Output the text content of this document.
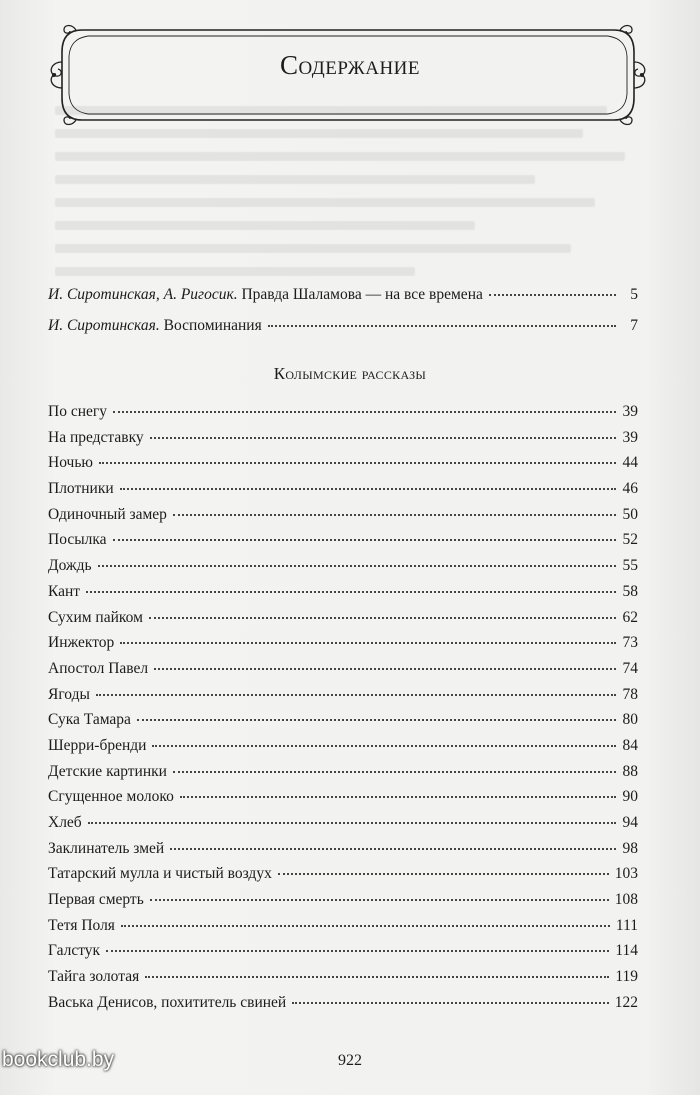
Содержание
И. Сиротинская, А. Ригосик. Правда Шаламова — на все времена	5
И. Сиротинская. Воспоминания	7
Колымские рассказы
По снегу	39
На представку	39
Ночью	44
Плотники	46
Одиночный замер	50
Посылка	52
Дождь	55
Кант	58
Сухим пайком	62
Инжектор	73
Апостол Павел	74
Ягоды	78
Сука Тамара	80
Шерри-бренди	84
Детские картинки	88
Сгущенное молоко	90
Хлеб	94
Заклинатель змей	98
Татарский мулла и чистый воздух	103
Первая смерть	108
Тетя Поля	111
Галстук	114
Тайга золотая	119
Васька Денисов, похититель свиней	122
922
bookclub.by
